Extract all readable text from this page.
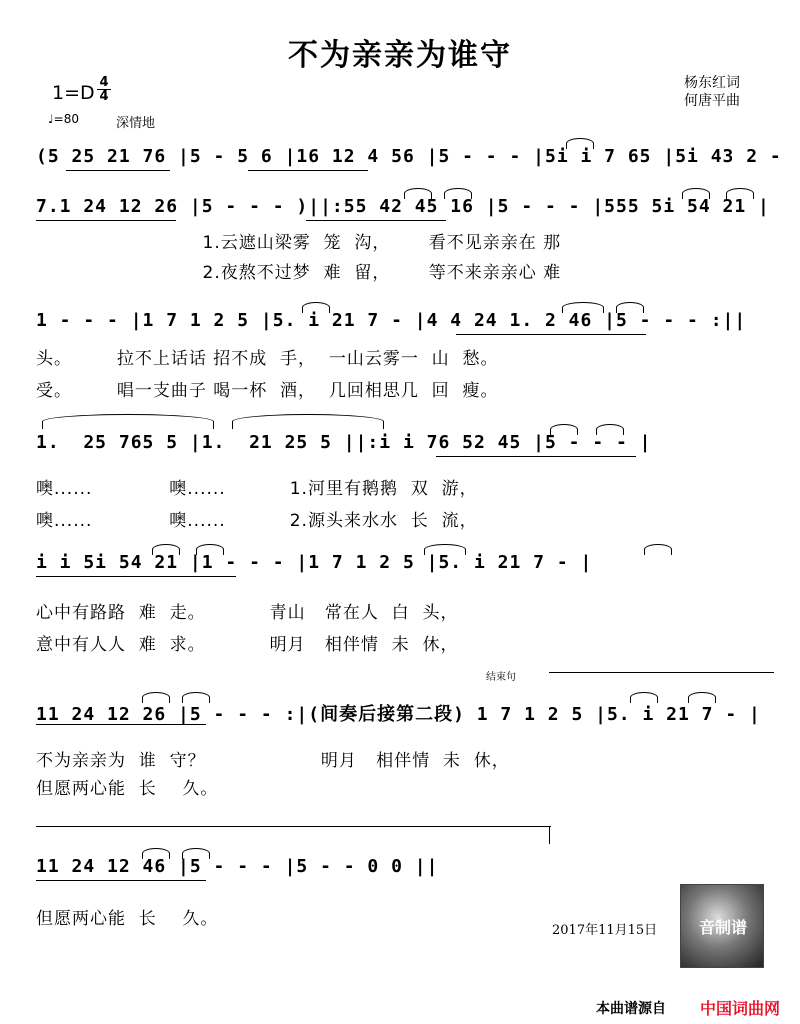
不为亲亲为谁守
1=D 4
4
♩=80	深情地
杨东红词
何唐平曲
(5 25 21 76 |5 - 5 6 |16 12 4 56 |5 - - - |5i i 7 65 |5i 43 2 -
7.1 24 12 26 |5 - - - )||:55 42 45 16 |5 - - - |555 5i 54 21 |
1.云遮山梁雾  笼  沟，      看不见亲亲在 那
2.夜熬不过梦  难  留，      等不来亲亲心 难
1 - - - |1 7 1 2 5 |5. i 21 7 - |4 4 24 1. 2 46 |5 - - - :||
头。       拉不上话话 招不成  手，  一山云雾一  山  愁。
受。       唱一支曲子 喝一杯  酒，  几回相思几  回  瘦。
1.  25 765 5 |1.  21 25 5 ||:i i 76 52 45 |5 - - - |
噢......            噢......          1.河里有鹅鹅  双  游，
噢......            噢......          2.源头来水水  长  流，
i i 5i 54 21 |1 - - - |1 7 1 2 5 |5. i 21 7 - |
心中有路路  难  走。          青山   常在人  白  头，
意中有人人  难  求。          明月   相伴情  未  休，
结束句
11 24 12 26 |5 - - - :|(间奏后接第二段) 1 7 1 2 5 |5. i 21 7 - |
不为亲亲为  谁  守？                  明月   相伴情  未  休，
但愿两心能  长    久。
11 24 12 46 |5 - - - |5 - - 0 0 ||
但愿两心能  长    久。
2017年11月15日	音制谱
本曲谱源自 中国词曲网
